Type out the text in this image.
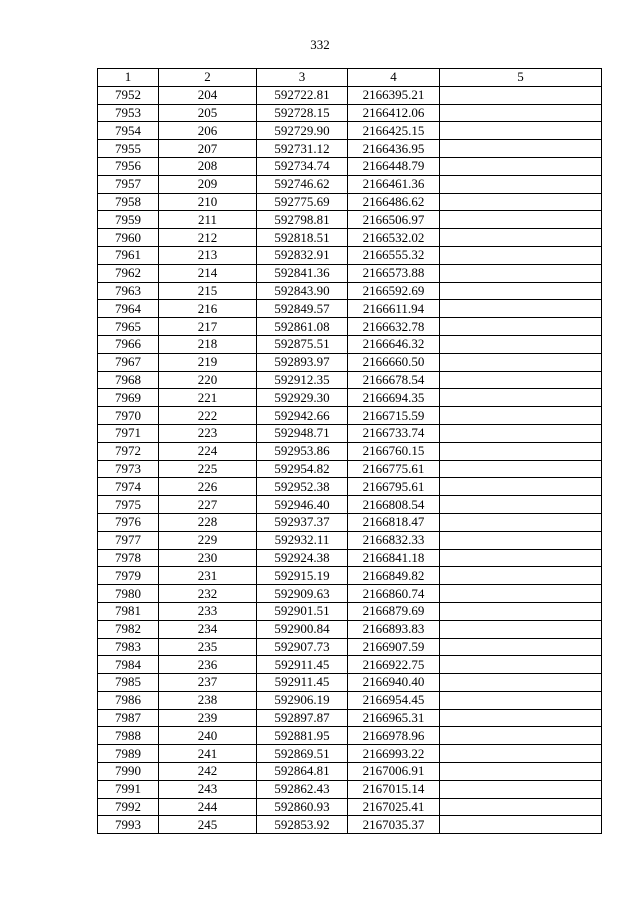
332
1	2	3	4	5
7952	204	592722.81	2166395.21	
7953	205	592728.15	2166412.06	
7954	206	592729.90	2166425.15	
7955	207	592731.12	2166436.95	
7956	208	592734.74	2166448.79	
7957	209	592746.62	2166461.36	
7958	210	592775.69	2166486.62	
7959	211	592798.81	2166506.97	
7960	212	592818.51	2166532.02	
7961	213	592832.91	2166555.32	
7962	214	592841.36	2166573.88	
7963	215	592843.90	2166592.69	
7964	216	592849.57	2166611.94	
7965	217	592861.08	2166632.78	
7966	218	592875.51	2166646.32	
7967	219	592893.97	2166660.50	
7968	220	592912.35	2166678.54	
7969	221	592929.30	2166694.35	
7970	222	592942.66	2166715.59	
7971	223	592948.71	2166733.74	
7972	224	592953.86	2166760.15	
7973	225	592954.82	2166775.61	
7974	226	592952.38	2166795.61	
7975	227	592946.40	2166808.54	
7976	228	592937.37	2166818.47	
7977	229	592932.11	2166832.33	
7978	230	592924.38	2166841.18	
7979	231	592915.19	2166849.82	
7980	232	592909.63	2166860.74	
7981	233	592901.51	2166879.69	
7982	234	592900.84	2166893.83	
7983	235	592907.73	2166907.59	
7984	236	592911.45	2166922.75	
7985	237	592911.45	2166940.40	
7986	238	592906.19	2166954.45	
7987	239	592897.87	2166965.31	
7988	240	592881.95	2166978.96	
7989	241	592869.51	2166993.22	
7990	242	592864.81	2167006.91	
7991	243	592862.43	2167015.14	
7992	244	592860.93	2167025.41	
7993	245	592853.92	2167035.37	
